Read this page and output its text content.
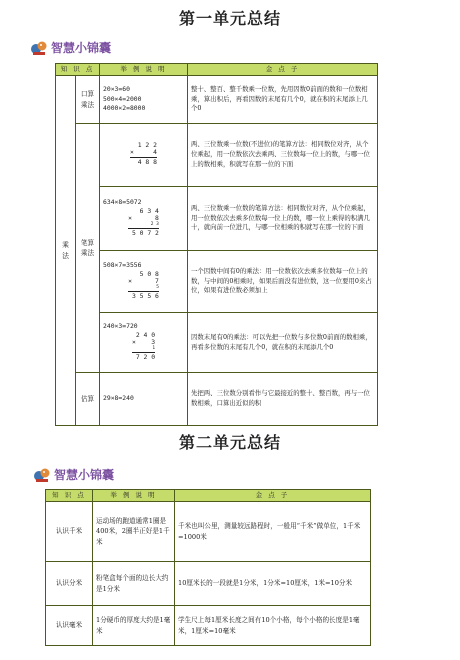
第一单元总结
智慧小锦囊
知 识 点		举 例 说 明	金 点 子
乘法	口算乘法	20×3=60
500×4=2000
4000×2=8000	整十、整百、整千数乘一位数，先用因数0前面的数和一位数相乘，算出积后，再看因数的末尾有几个0，就在积的末尾添上几个0
	笔算乘法	1 2 2
×     4
4 8 8	两、三位数乘一位数(不进位)的笔算方法：相同数位对齐，从个位乘起，用一位数依次去乘两、三位数每一位上的数，与哪一位上的数相乘，积就写在那一位的下面

		634×8=5072
6 3 4
×      8
2 3
5 0 7 2	两、三位数乘一位数的笔算方法：相同数位对齐，从个位乘起，用一位数依次去乘多位数每一位上的数，哪一位上乘得的积满几十，就向前一位进几，与哪一位相乘的积就写在那一位的下面

		508×7=3556
5 0 8
×      7
5
3 5 5 6	一个因数中间有0的乘法：用一位数依次去乘多位数每一位上的数，与中间的0相乘时，如果后面没有进位数，这一位要用0来占位，如果有进位数必须加上

		240×3=720
2 4 0
×    3
1
7 2 0	因数末尾有0的乘法：可以先把一位数与多位数0前面的数相乘，再看多位数的末尾有几个0，就在积的末尾添几个0
	估算	29×8≈240	先把两、三位数分别看作与它最接近的整十、整百数，再与一位数相乘，口算出近似的积
第二单元总结
智慧小锦囊
知 识 点	举 例 说 明	金 点 子
认识千米	运动场的跑道通常1圈是400米，2圈半正好是1千米	千米也叫公里，测量较远路程时，一般用“千米”做单位，1千米=1000米
认识分米	粉笔盒每个面的边长大约是1分米	10厘米长的一段就是1分米，1分米=10厘米，1米=10分米
认识毫米	1分硬币的厚度大约是1毫米	学生尺上每1厘米长度之间有10个小格，每个小格的长度是1毫米，1厘米=10毫米
